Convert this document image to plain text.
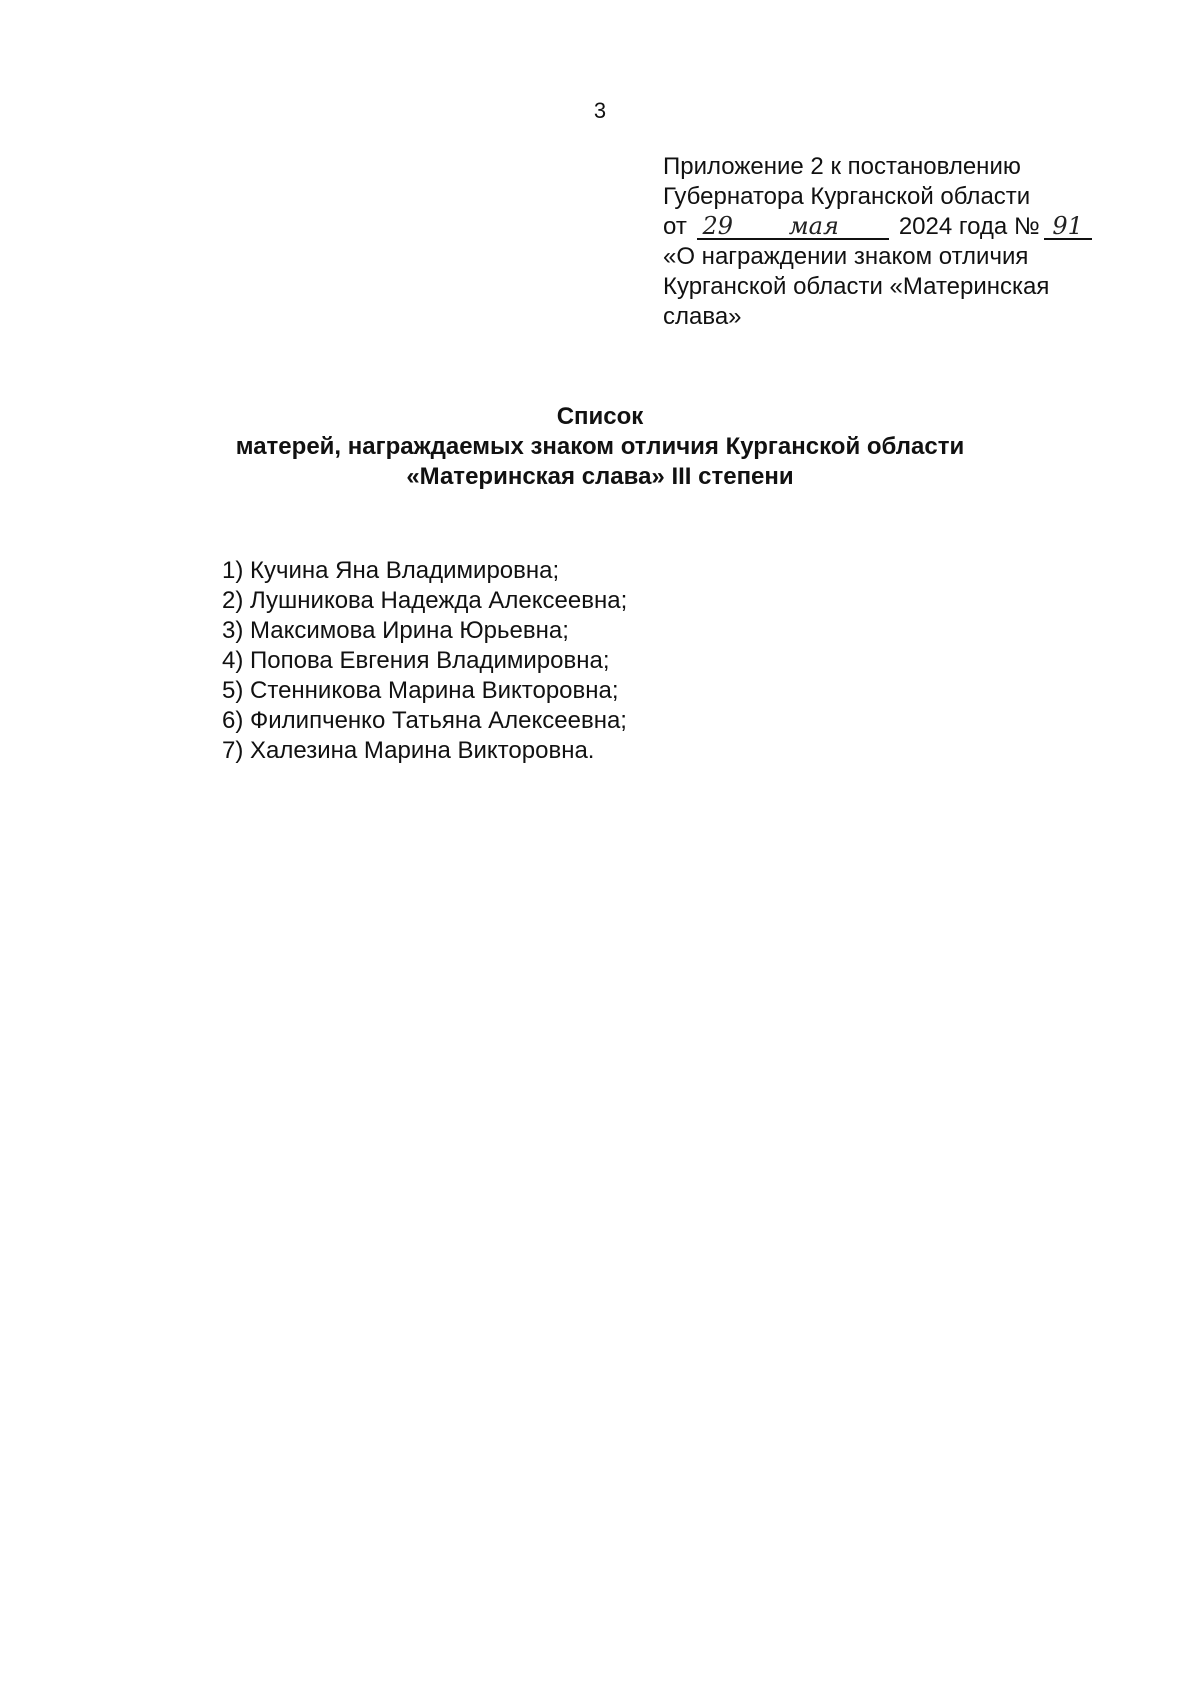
3
Приложение 2 к постановлению
Губернатора Курганской области
от 29 мая 2024 года № 91
«О награждении знаком отличия
Курганской области «Материнская
слава»
Список
матерей, награждаемых знаком отличия Курганской области
«Материнская слава» III степени
1) Кучина Яна Владимировна;
2) Лушникова Надежда Алексеевна;
3) Максимова Ирина Юрьевна;
4) Попова Евгения Владимировна;
5) Стенникова Марина Викторовна;
6) Филипченко Татьяна Алексеевна;
7) Халезина Марина Викторовна.
